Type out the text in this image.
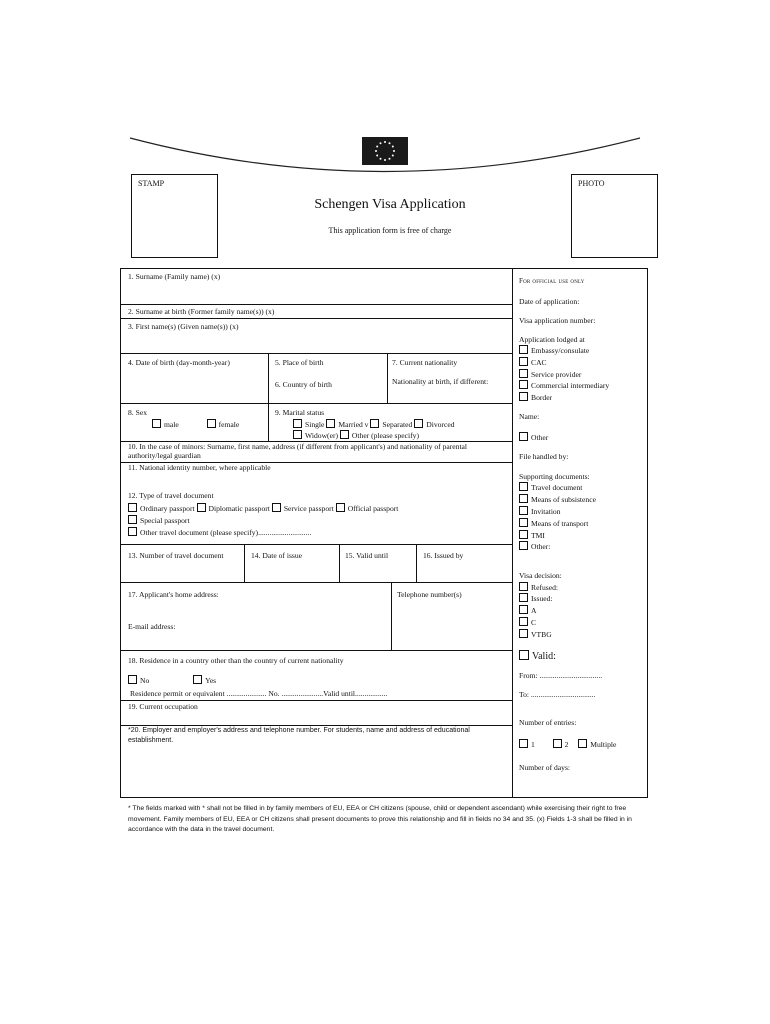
STAMP	PHOTO
Schengen Visa Application
This application form is free of charge
1. Surname (Family name) (x)
2. Surname at birth (Former family name(s)) (x)
3. First name(s) (Given name(s)) (x)
4. Date of birth (day-month-year)	5. Place of birth
6. Country of birth
7. Current nationality
Nationality at birth, if different:
8. Sex
male	female
9. Marital status
Single Married v Separated Divorced
Widow(er) Other (please specify)
10. In the case of minors: Surname, first name, address (if different from applicant's) and nationality of parental authority/legal guardian
11. National identity number, where applicable
12. Type of travel document
Ordinary passport Diplomatic passport Service passport Official passport
Special passport
Other travel document (please specify)............................
13. Number of travel document	14. Date of issue	15. Valid until	16. Issued by
17. Applicant's home address:
E-mail address:
Telephone number(s)
18. Residence in a country other than the country of current nationality
No	Yes
Residence permit or equivalent ..................... No. ......................Valid until.................
19. Current occupation
*20. Employer and employer's address and telephone number. For students, name and address of educational establishment.
For official use only
Date of application:
Visa application number:
Application lodged at
Embassy/consulate
CAC
Service provider
Commercial intermediary
Border
Name:
Other
File handled by:
Supporting documents:
Travel document
Means of subsistence
Invitation
Means of transport
TMI
Other:
Visa decision:
Refused:
Issued:
A
C
VTBG
Valid:
From: .................................
To: ..................................
Number of entries:
1	2	Multiple
Number of days:
* The fields marked with * shall not be filled in by family members of EU, EEA or CH citizens (spouse, child or dependent ascendant) while exercising their right to free movement. Family members of EU, EEA or CH citizens shall present documents to prove this relationship and fill in fields no 34 and 35. (x) Fields 1-3 shall be filled in in accordance with the data in the travel document.
